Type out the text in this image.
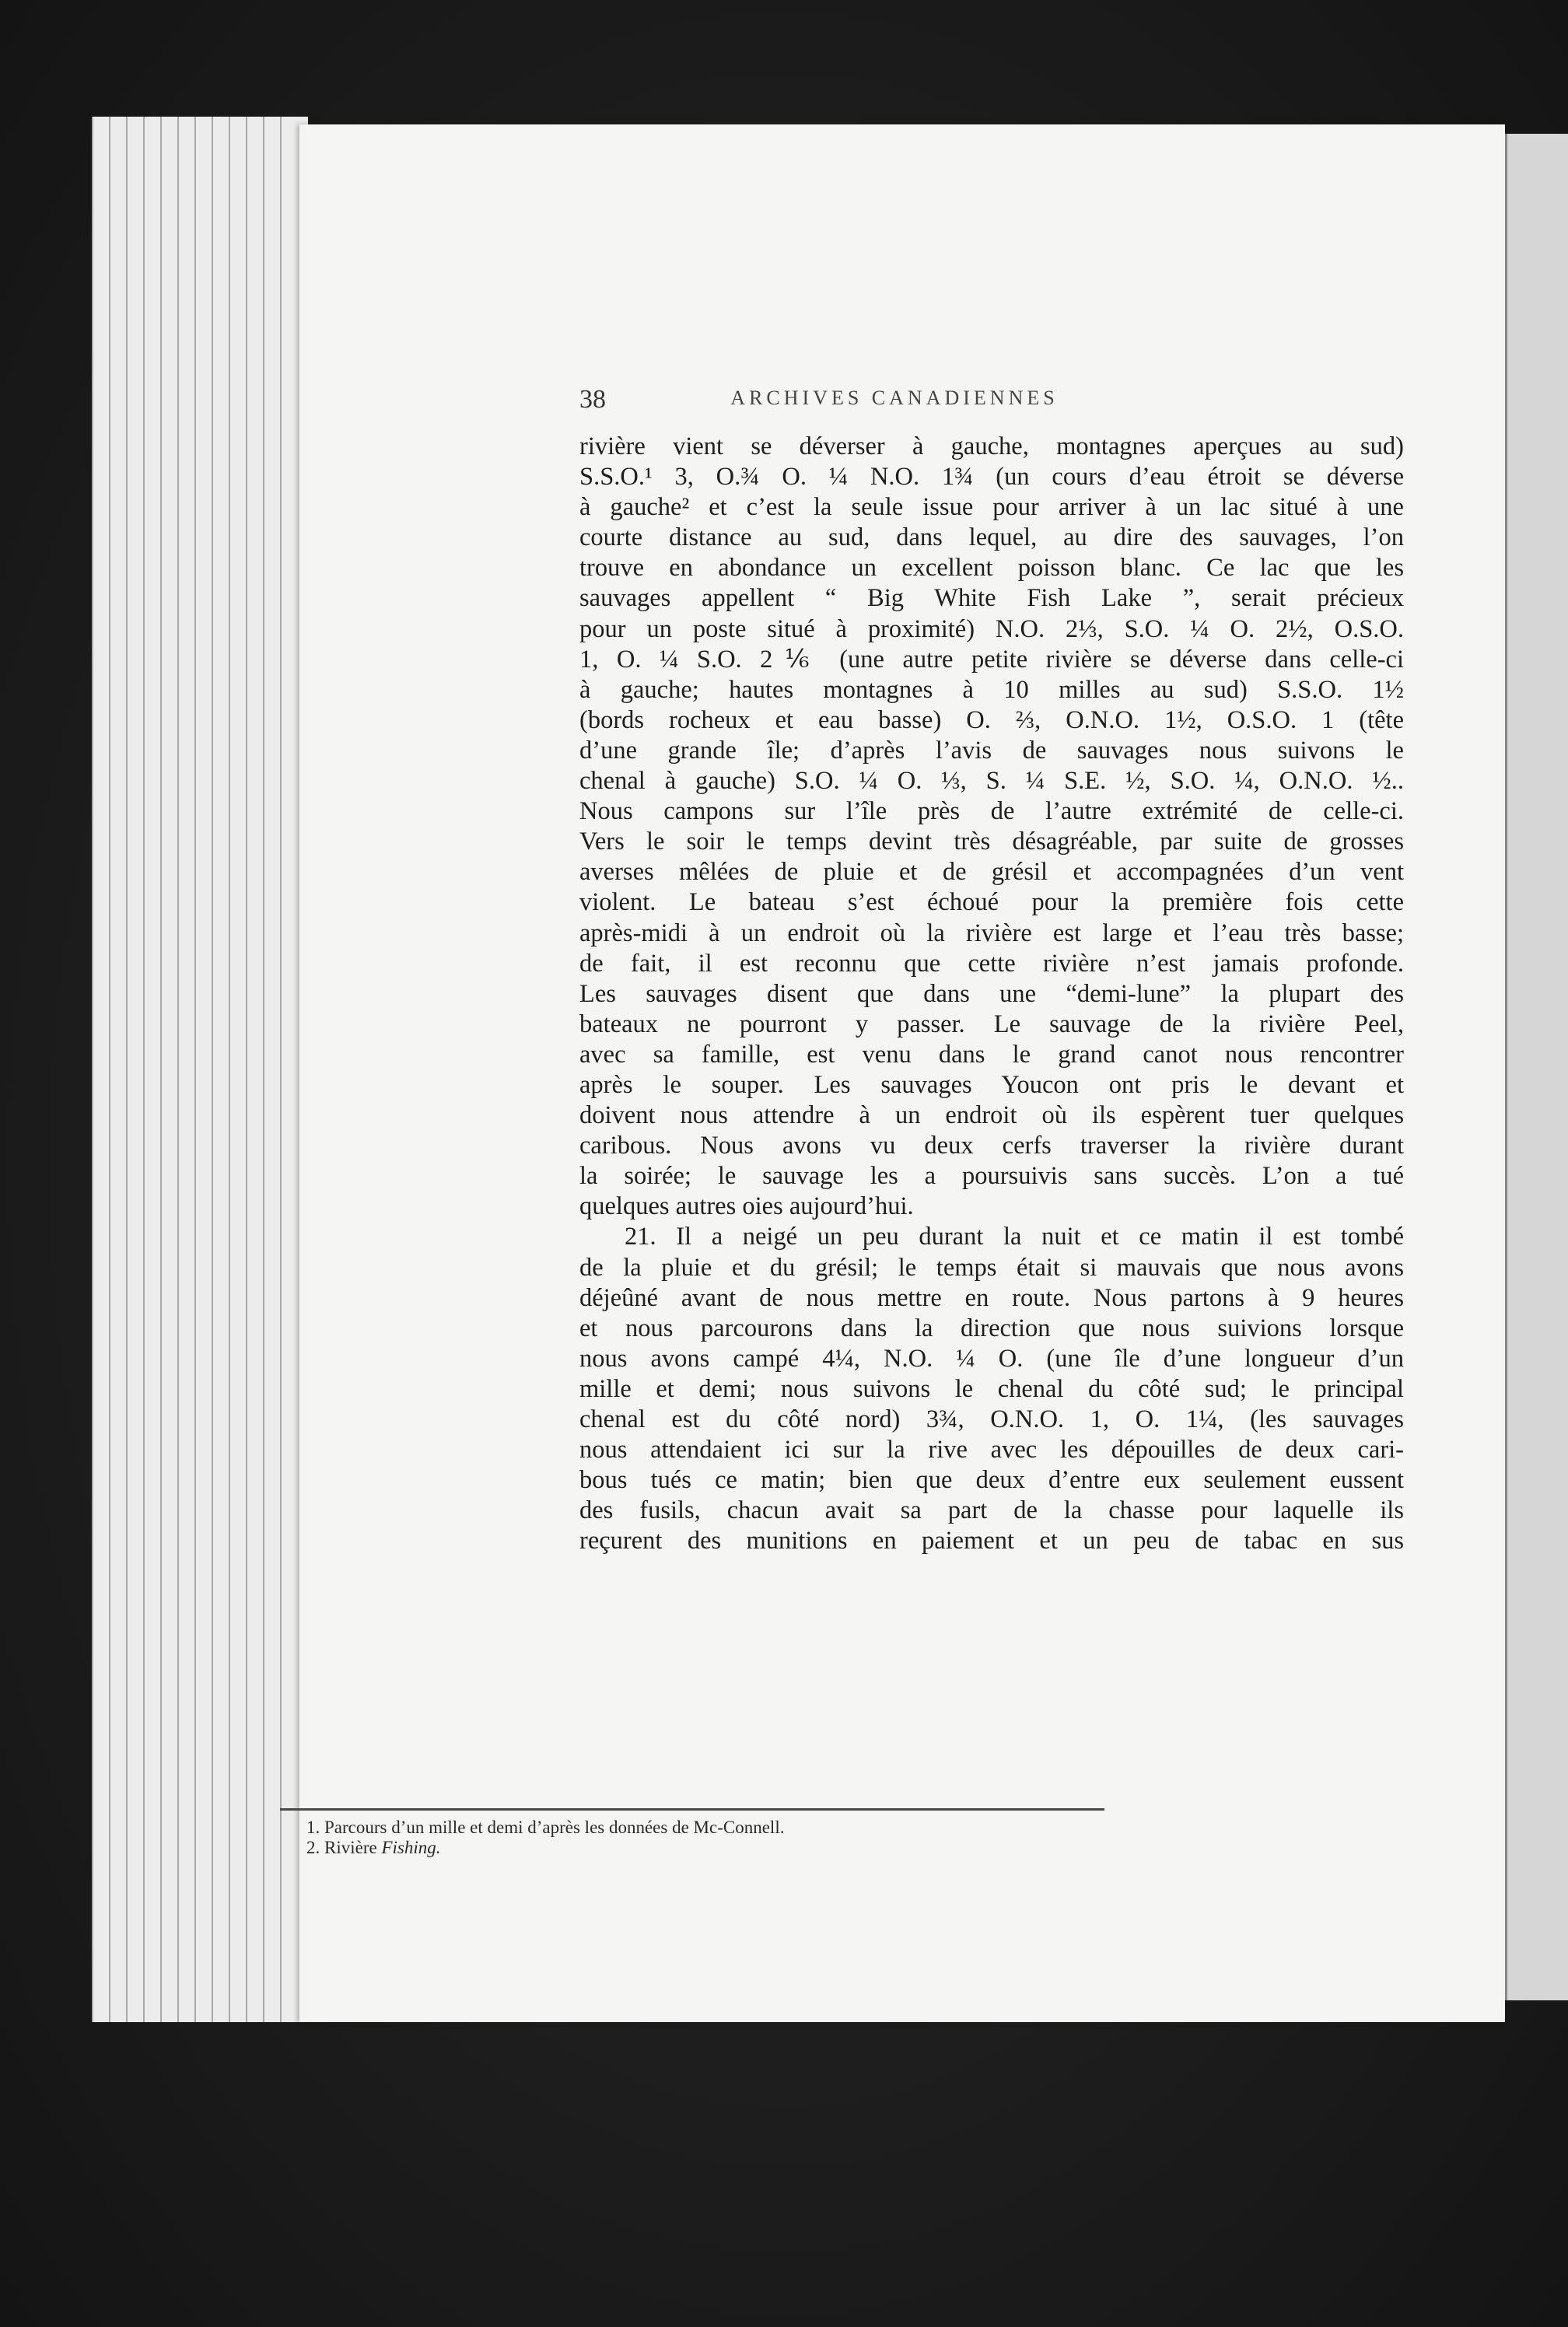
38	ARCHIVES CANADIENNES
rivière vient se déverser à gauche, montagnes aperçues au sud)
S.S.O.¹ 3, O.¾ O. ¼ N.O. 1¾ (un cours d’eau étroit se déverse
à gauche² et c’est la seule issue pour arriver à un lac situé à une
courte distance au sud, dans lequel, au dire des sauvages, l’on
trouve en abondance un excellent poisson blanc. Ce lac que les
sauvages appellent “ Big White Fish Lake ”, serait précieux
pour un poste situé à proximité) N.O. 2⅓, S.O. ¼ O. 2½, O.S.O.
1, O. ¼ S.O. 2⅙ (une autre petite rivière se déverse dans celle-ci
à gauche; hautes montagnes à 10 milles au sud) S.S.O. 1½
(bords rocheux et eau basse) O. ⅔, O.N.O. 1½, O.S.O. 1 (tête
d’une grande île; d’après l’avis de sauvages nous suivons le
chenal à gauche) S.O. ¼ O. ⅓, S. ¼ S.E. ½, S.O. ¼, O.N.O. ½..
Nous campons sur l’île près de l’autre extrémité de celle-ci.
Vers le soir le temps devint très désagréable, par suite de grosses
averses mêlées de pluie et de grésil et accompagnées d’un vent
violent. Le bateau s’est échoué pour la première fois cette
après-midi à un endroit où la rivière est large et l’eau très basse;
de fait, il est reconnu que cette rivière n’est jamais profonde.
Les sauvages disent que dans une “demi-lune” la plupart des
bateaux ne pourront y passer. Le sauvage de la rivière Peel,
avec sa famille, est venu dans le grand canot nous rencontrer
après le souper. Les sauvages Youcon ont pris le devant et
doivent nous attendre à un endroit où ils espèrent tuer quelques
caribous. Nous avons vu deux cerfs traverser la rivière durant
la soirée; le sauvage les a poursuivis sans succès. L’on a tué
quelques autres oies aujourd’hui.
21. Il a neigé un peu durant la nuit et ce matin il est tombé
de la pluie et du grésil; le temps était si mauvais que nous avons
déjeûné avant de nous mettre en route. Nous partons à 9 heures
et nous parcourons dans la direction que nous suivions lorsque
nous avons campé 4¼, N.O. ¼ O. (une île d’une longueur d’un
mille et demi; nous suivons le chenal du côté sud; le principal
chenal est du côté nord) 3¾, O.N.O. 1, O. 1¼, (les sauvages
nous attendaient ici sur la rive avec les dépouilles de deux cari-
bous tués ce matin; bien que deux d’entre eux seulement eussent
des fusils, chacun avait sa part de la chasse pour laquelle ils
reçurent des munitions en paiement et un peu de tabac en sus
1. Parcours d’un mille et demi d’après les données de Mc-Connell.
2. Rivière Fishing.
